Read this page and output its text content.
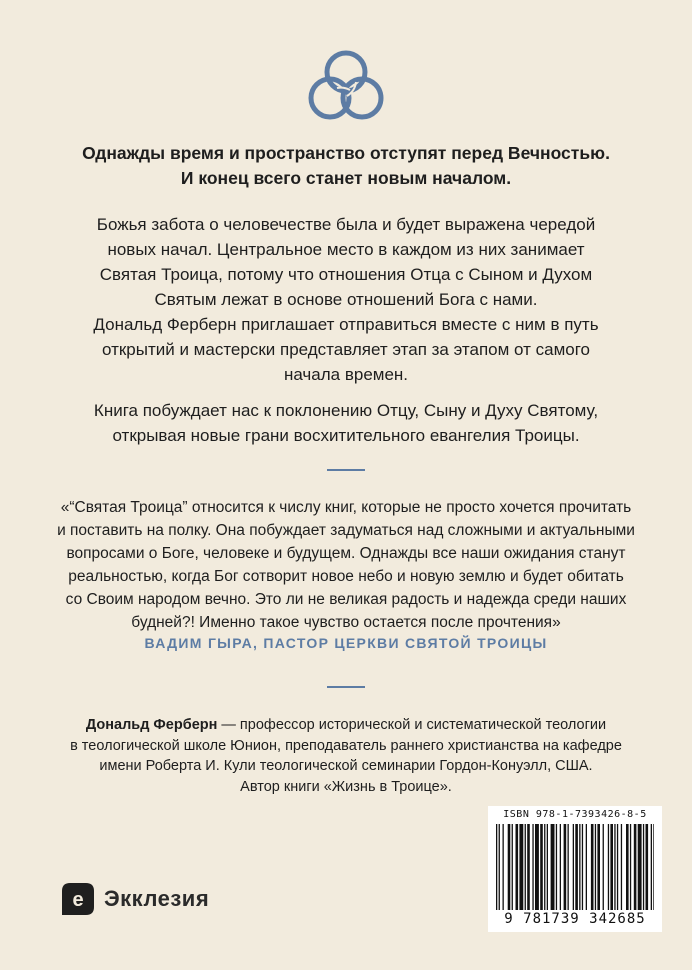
Однажды время и пространство отступят перед Вечностью.
И конец всего станет новым началом.
Божья забота о человечестве была и будет выражена чередой
новых начал. Центральное место в каждом из них занимает
Святая Троица, потому что отношения Отца с Сыном и Духом
Святым лежат в основе отношений Бога с нами.
Дональд Ферберн приглашает отправиться вместе с ним в путь
открытий и мастерски представляет этап за этапом от самого
начала времен.
Книга побуждает нас к поклонению Отцу, Сыну и Духу Святому,
открывая новые грани восхитительного евангелия Троицы.
«“Святая Троица” относится к числу книг, которые не просто хочется прочитать
и поставить на полку. Она побуждает задуматься над сложными и актуальными
вопросами о Боге, человеке и будущем. Однажды все наши ожидания станут
реальностью, когда Бог сотворит новое небо и новую землю и будет обитать
со Своим народом вечно. Это ли не великая радость и надежда среди наших
будней?! Именно такое чувство остается после прочтения»
ВАДИМ ГЫРА, ПАСТОР ЦЕРКВИ СВЯТОЙ ТРОИЦЫ
Дональд Ферберн — профессор исторической и систематической теологии
в теологической школе Юнион, преподаватель раннего христианства на кафедре
имени Роберта И. Кули теологической семинарии Гордон-Конуэлл, США.
Автор книги «Жизнь в Троице».
e Экклезия
ISBN 978-1-7393426-8-5
9 781739 342685
